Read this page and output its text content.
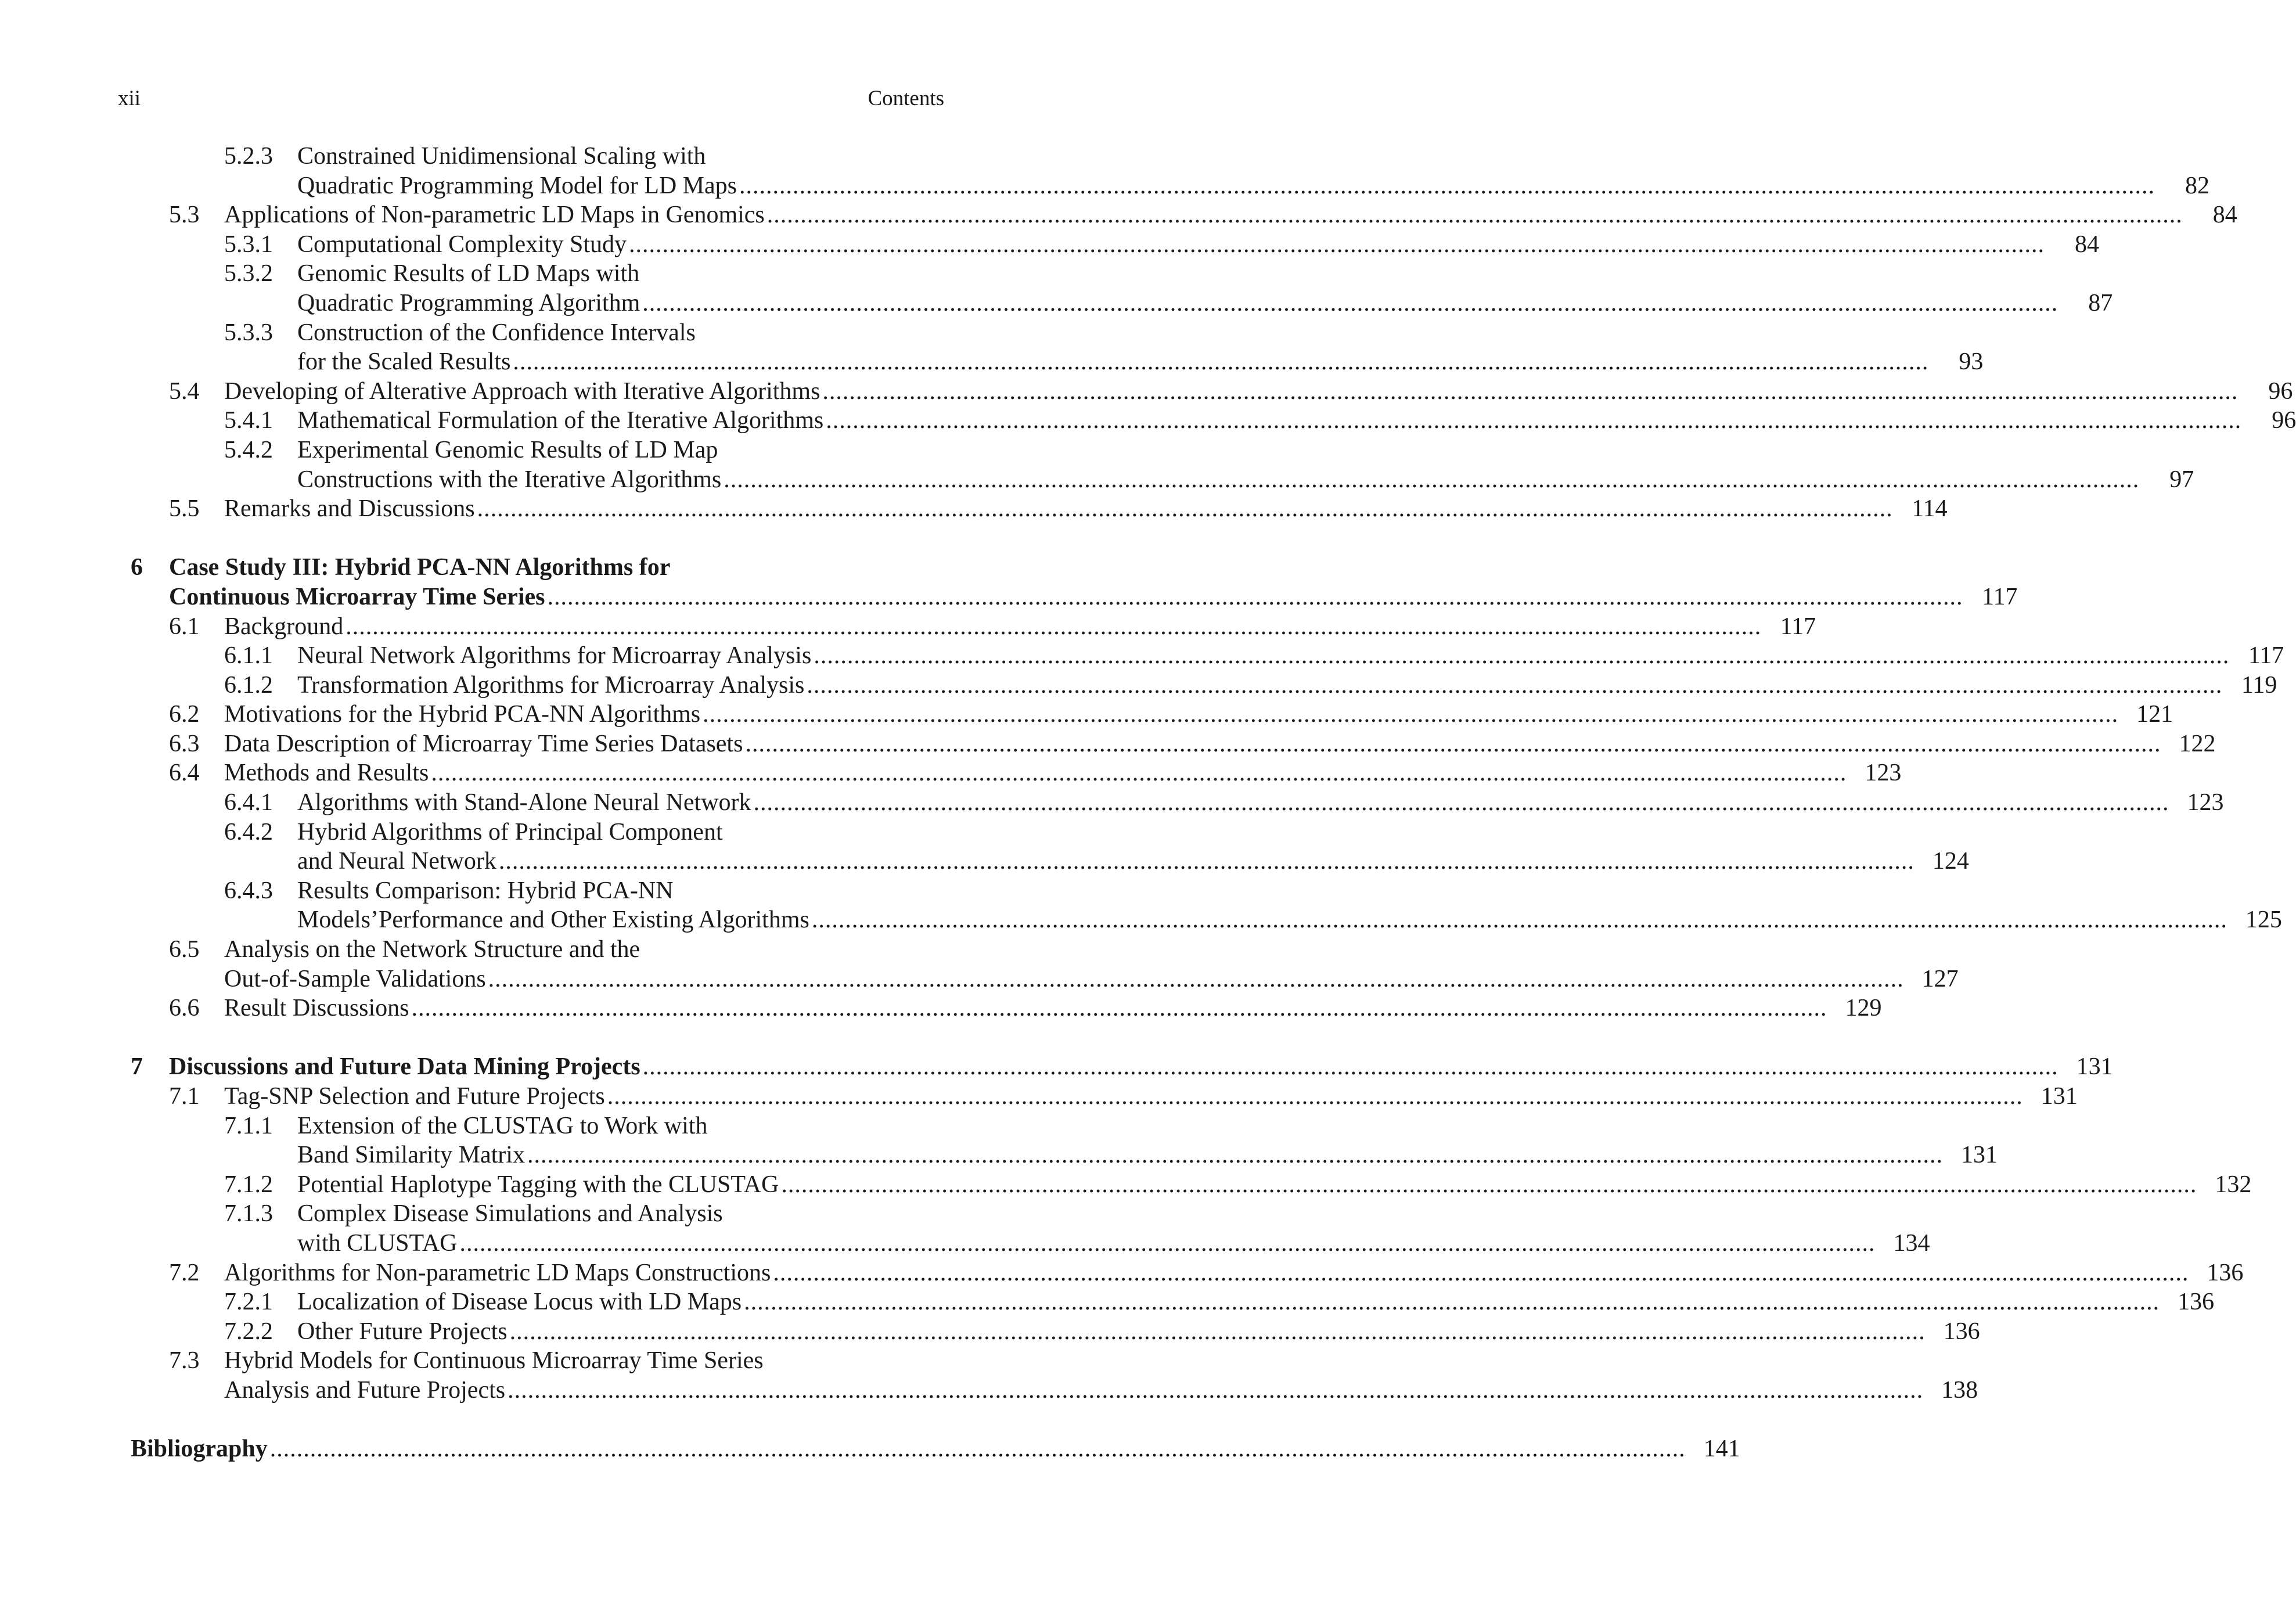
xii	Contents
5.2.3 Constrained Unidimensional Scaling with
Quadratic Programming Model for LD Maps ....................................................................................................................................................................................................................	82
5.3 Applications of Non-parametric LD Maps in Genomics ....................................................................................................................................................................................................................	84
5.3.1 Computational Complexity Study ....................................................................................................................................................................................................................	84
5.3.2 Genomic Results of LD Maps with
Quadratic Programming Algorithm ....................................................................................................................................................................................................................	87
5.3.3 Construction of the Confidence Intervals
for the Scaled Results ....................................................................................................................................................................................................................	93
5.4 Developing of Alterative Approach with Iterative Algorithms ....................................................................................................................................................................................................................	96
5.4.1 Mathematical Formulation of the Iterative Algorithms ....................................................................................................................................................................................................................	96
5.4.2 Experimental Genomic Results of LD Map
Constructions with the Iterative Algorithms ....................................................................................................................................................................................................................	97
5.5 Remarks and Discussions .................................................................................................................................................................................................................... 114
6 Case Study III: Hybrid PCA-NN Algorithms for
Continuous Microarray Time Series .................................................................................................................................................................................................................... 117
6.1 Background .................................................................................................................................................................................................................... 117
6.1.1 Neural Network Algorithms for Microarray Analysis .................................................................................................................................................................................................................... 117
6.1.2 Transformation Algorithms for Microarray Analysis .................................................................................................................................................................................................................... 119
6.2 Motivations for the Hybrid PCA-NN Algorithms .................................................................................................................................................................................................................... 121
6.3 Data Description of Microarray Time Series Datasets .................................................................................................................................................................................................................... 122
6.4 Methods and Results .................................................................................................................................................................................................................... 123
6.4.1 Algorithms with Stand-Alone Neural Network .................................................................................................................................................................................................................... 123
6.4.2 Hybrid Algorithms of Principal Component
and Neural Network .................................................................................................................................................................................................................... 124
6.4.3 Results Comparison: Hybrid PCA-NN
Models’Performance and Other Existing Algorithms .................................................................................................................................................................................................................... 125
6.5 Analysis on the Network Structure and the
Out-of-Sample Validations .................................................................................................................................................................................................................... 127
6.6 Result Discussions .................................................................................................................................................................................................................... 129
7 Discussions and Future Data Mining Projects .................................................................................................................................................................................................................... 131
7.1 Tag-SNP Selection and Future Projects .................................................................................................................................................................................................................... 131
7.1.1 Extension of the CLUSTAG to Work with
Band Similarity Matrix .................................................................................................................................................................................................................... 131
7.1.2 Potential Haplotype Tagging with the CLUSTAG .................................................................................................................................................................................................................... 132
7.1.3 Complex Disease Simulations and Analysis
with CLUSTAG .................................................................................................................................................................................................................... 134
7.2 Algorithms for Non-parametric LD Maps Constructions .................................................................................................................................................................................................................... 136
7.2.1 Localization of Disease Locus with LD Maps .................................................................................................................................................................................................................... 136
7.2.2 Other Future Projects .................................................................................................................................................................................................................... 136
7.3 Hybrid Models for Continuous Microarray Time Series
Analysis and Future Projects .................................................................................................................................................................................................................... 138
Bibliography .................................................................................................................................................................................................................... 141
